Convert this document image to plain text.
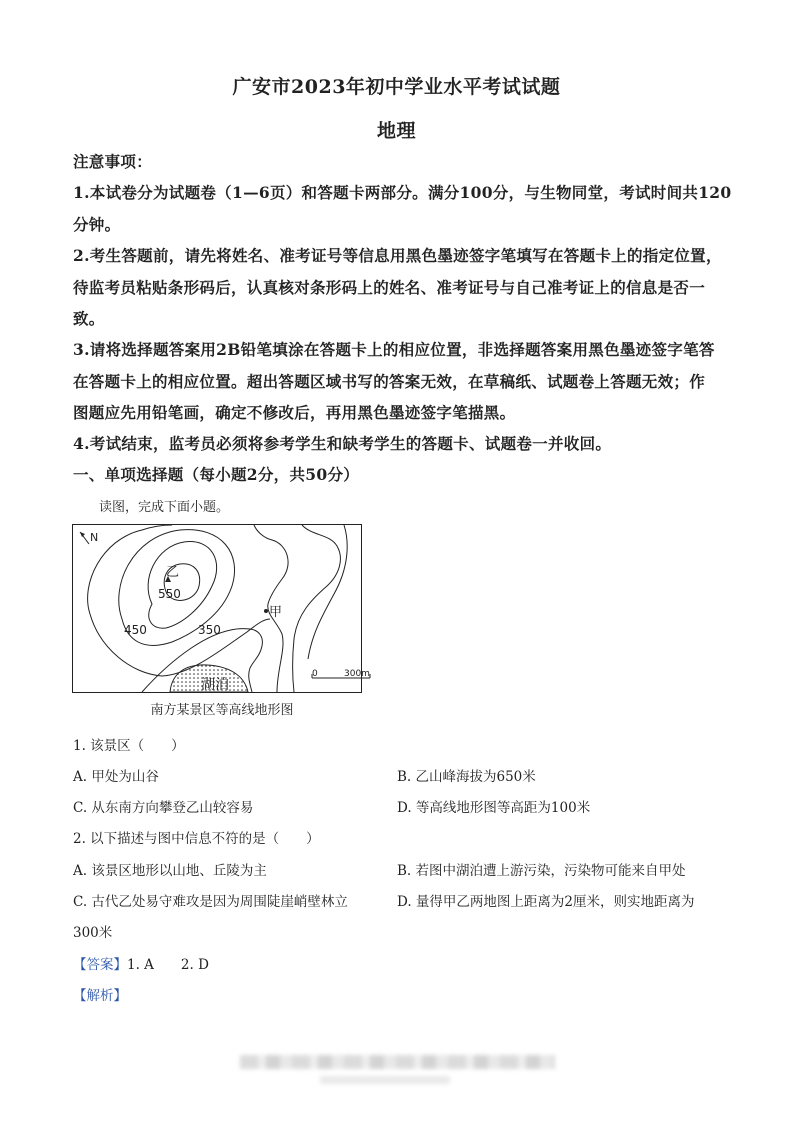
广安市2023年初中学业水平考试试题
地理
注意事项：
1.本试卷分为试题卷（1—6页）和答题卡两部分。满分100分，与生物同堂，考试时间共120
分钟。
2.考生答题前，请先将姓名、准考证号等信息用黑色墨迹签字笔填写在答题卡上的指定位置，
待监考员粘贴条形码后，认真核对条形码上的姓名、准考证号与自己准考证上的信息是否一
致。
3.请将选择题答案用2B铅笔填涂在答题卡上的相应位置，非选择题答案用黑色墨迹签字笔答
在答题卡上的相应位置。超出答题区域书写的答案无效，在草稿纸、试题卷上答题无效；作
图题应先用铅笔画，确定不修改后，再用黑色墨迹签字笔描黑。
4.考试结束，监考员必须将参考学生和缺考学生的答题卡、试题卷一并收回。
一、单项选择题（每小题2分，共50分）
读图，完成下面小题。
N
湖泊
乙
甲
550
450	350
0	300m
南方某景区等高线地形图
1. 该景区（　　）
A. 甲处为山谷	B. 乙山峰海拔为650米
C. 从东南方向攀登乙山较容易	D. 等高线地形图等高距为100米
2. 以下描述与图中信息不符的是（　　）
A. 该景区地形以山地、丘陵为主	B. 若图中湖泊遭上游污染，污染物可能来自甲处
C. 古代乙处易守难攻是因为周围陡崖峭壁林立	D. 量得甲乙两地图上距离为2厘米，则实地距离为
300米
【答案】1. A　　2. D
【解析】
